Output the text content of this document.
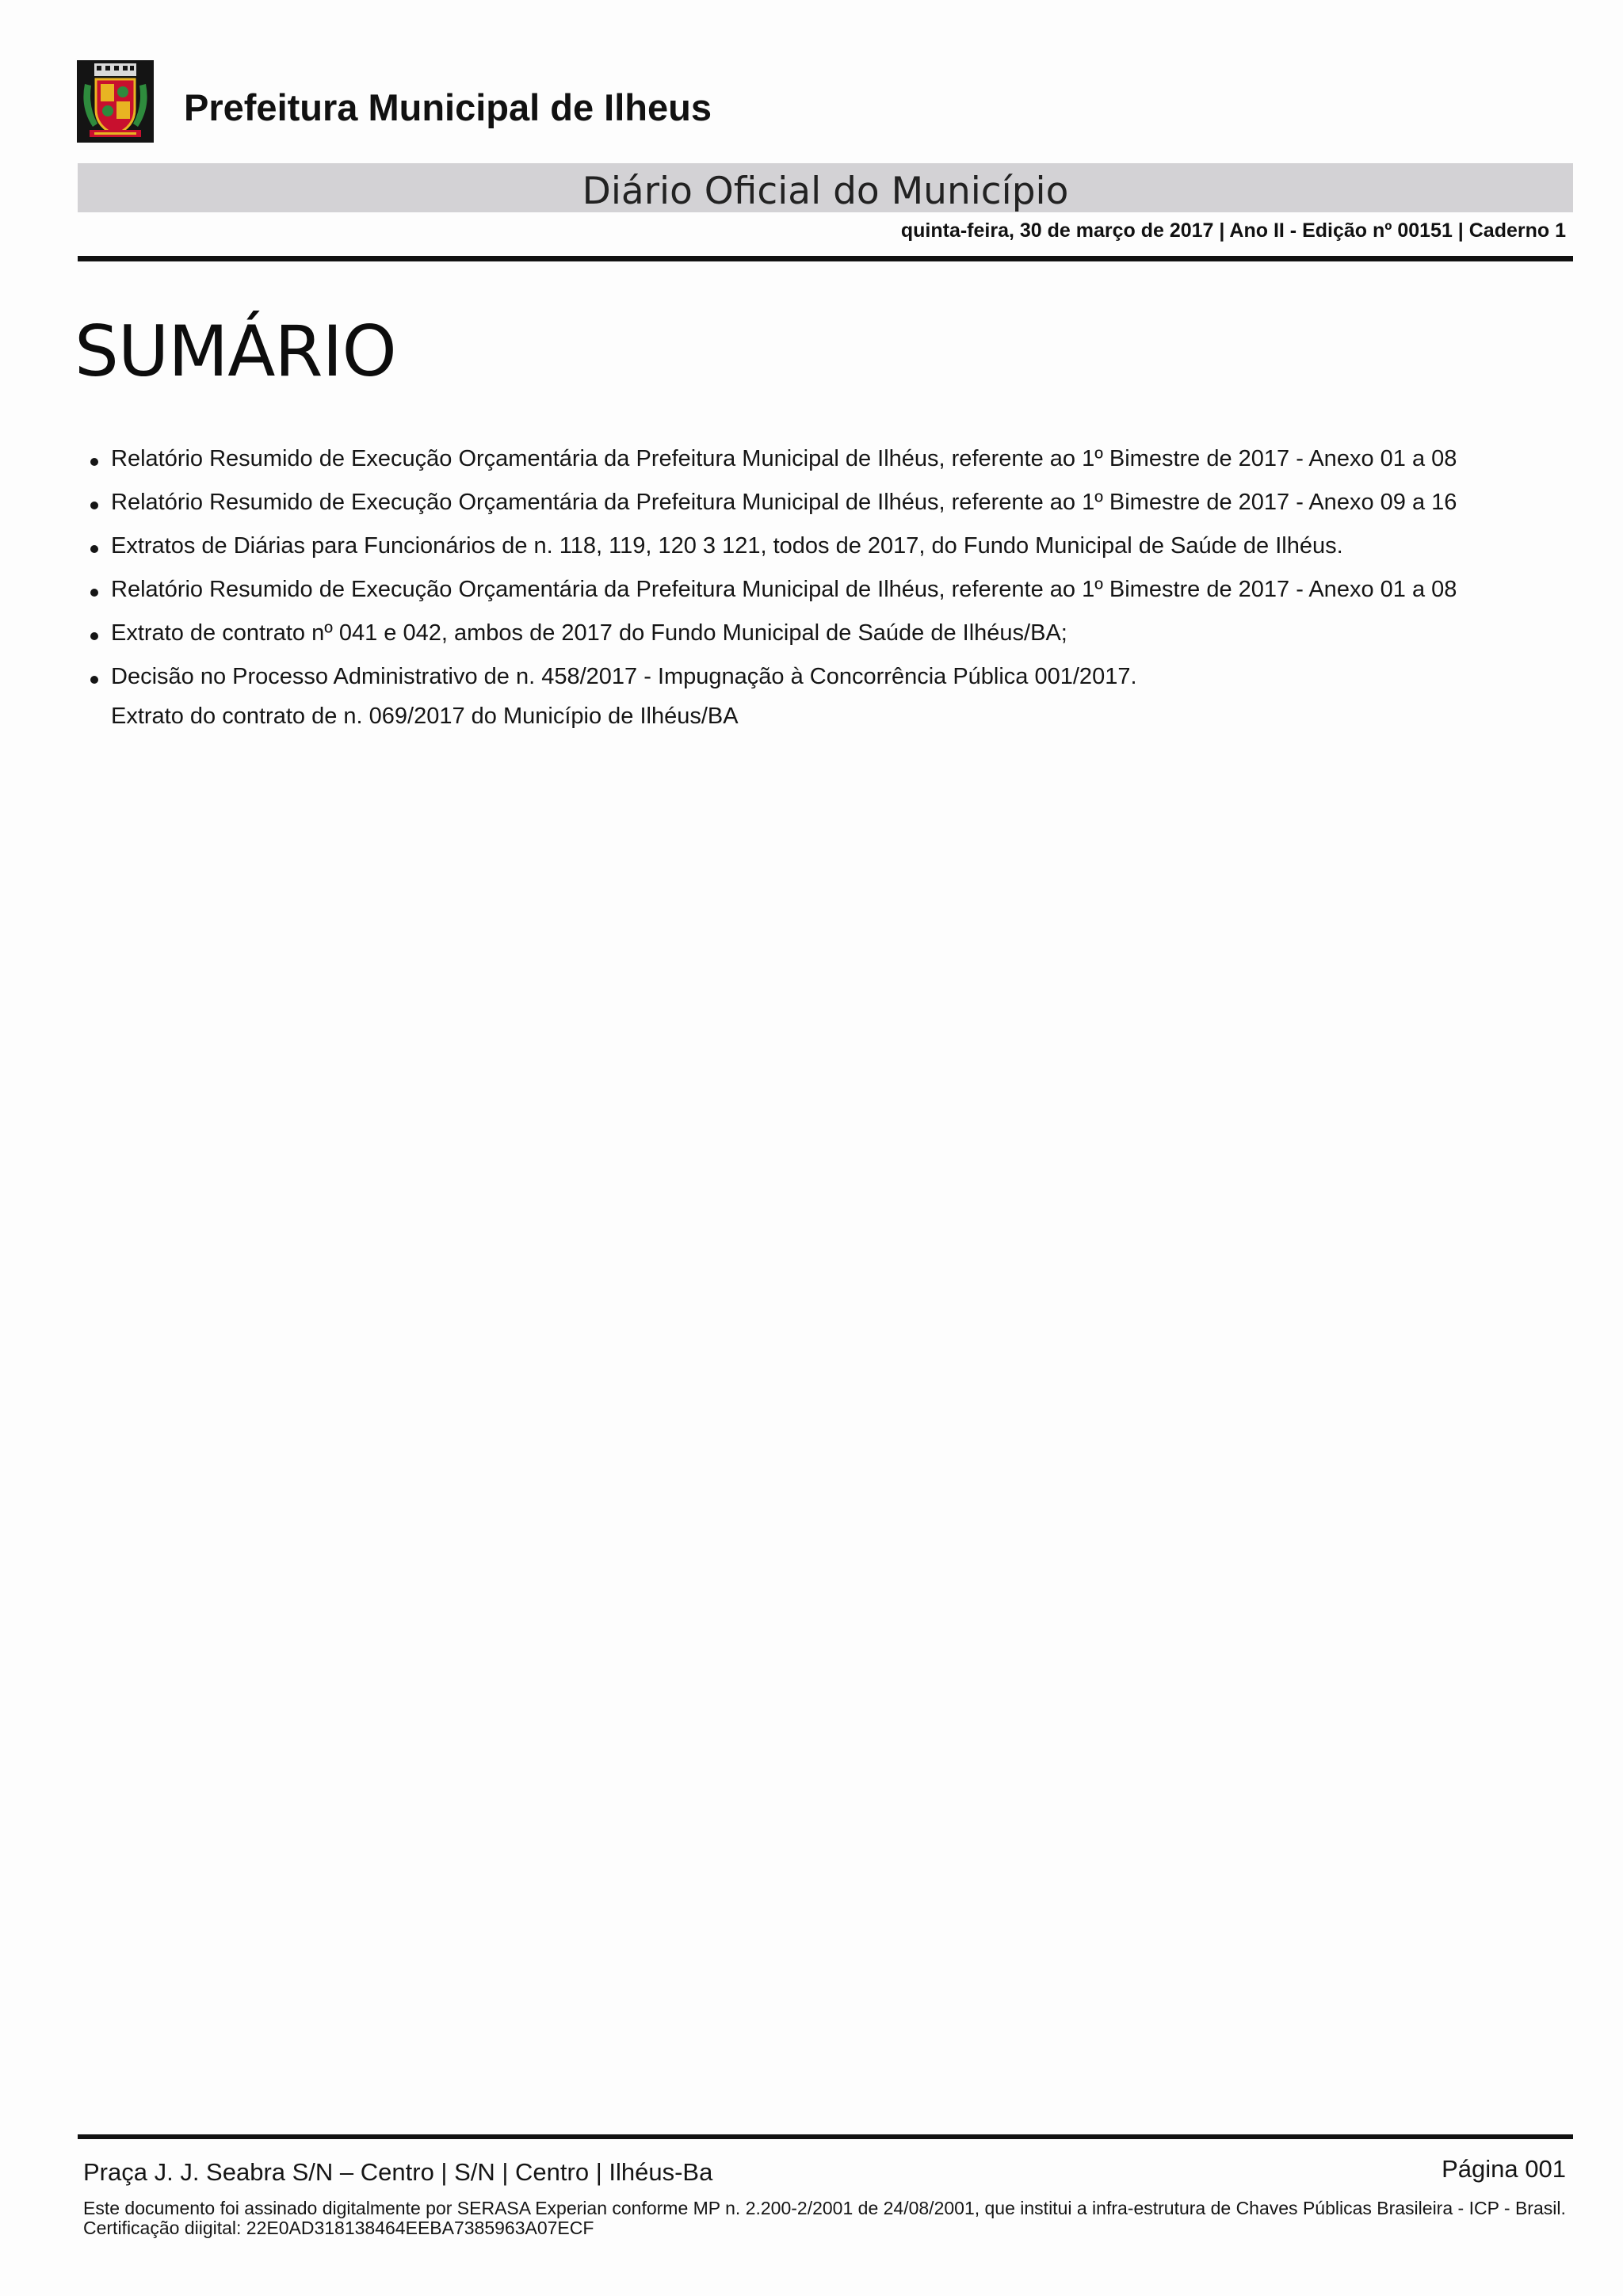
Prefeitura Municipal de Ilheus
Diário Oficial do Município
quinta-feira, 30 de março de 2017 | Ano II - Edição nº 00151 | Caderno 1
SUMÁRIO
Relatório Resumido de Execução Orçamentária da Prefeitura Municipal de Ilhéus, referente ao 1º Bimestre de 2017 - Anexo 01 a 08
Relatório Resumido de Execução Orçamentária da Prefeitura Municipal de Ilhéus, referente ao 1º Bimestre de 2017 - Anexo 09 a 16
Extratos de Diárias para Funcionários de n. 118, 119, 120 3 121, todos de 2017, do Fundo Municipal de Saúde de Ilhéus.
Relatório Resumido de Execução Orçamentária da Prefeitura Municipal de Ilhéus, referente ao 1º Bimestre de 2017 - Anexo 01 a 08
Extrato de contrato nº 041 e 042, ambos de 2017 do Fundo Municipal de Saúde de Ilhéus/BA;
Decisão no Processo Administrativo de n. 458/2017 - Impugnação à Concorrência Pública 001/2017.
Extrato do contrato de n. 069/2017 do Município de Ilhéus/BA
Praça J. J. Seabra S/N – Centro | S/N | Centro | Ilhéus-Ba	Página 001
Este documento foi assinado digitalmente por SERASA Experian conforme MP n. 2.200-2/2001 de 24/08/2001, que institui a infra-estrutura de Chaves Públicas Brasileira - ICP - Brasil. Certificação diigital: 22E0AD318138464EEBA7385963A07ECF
